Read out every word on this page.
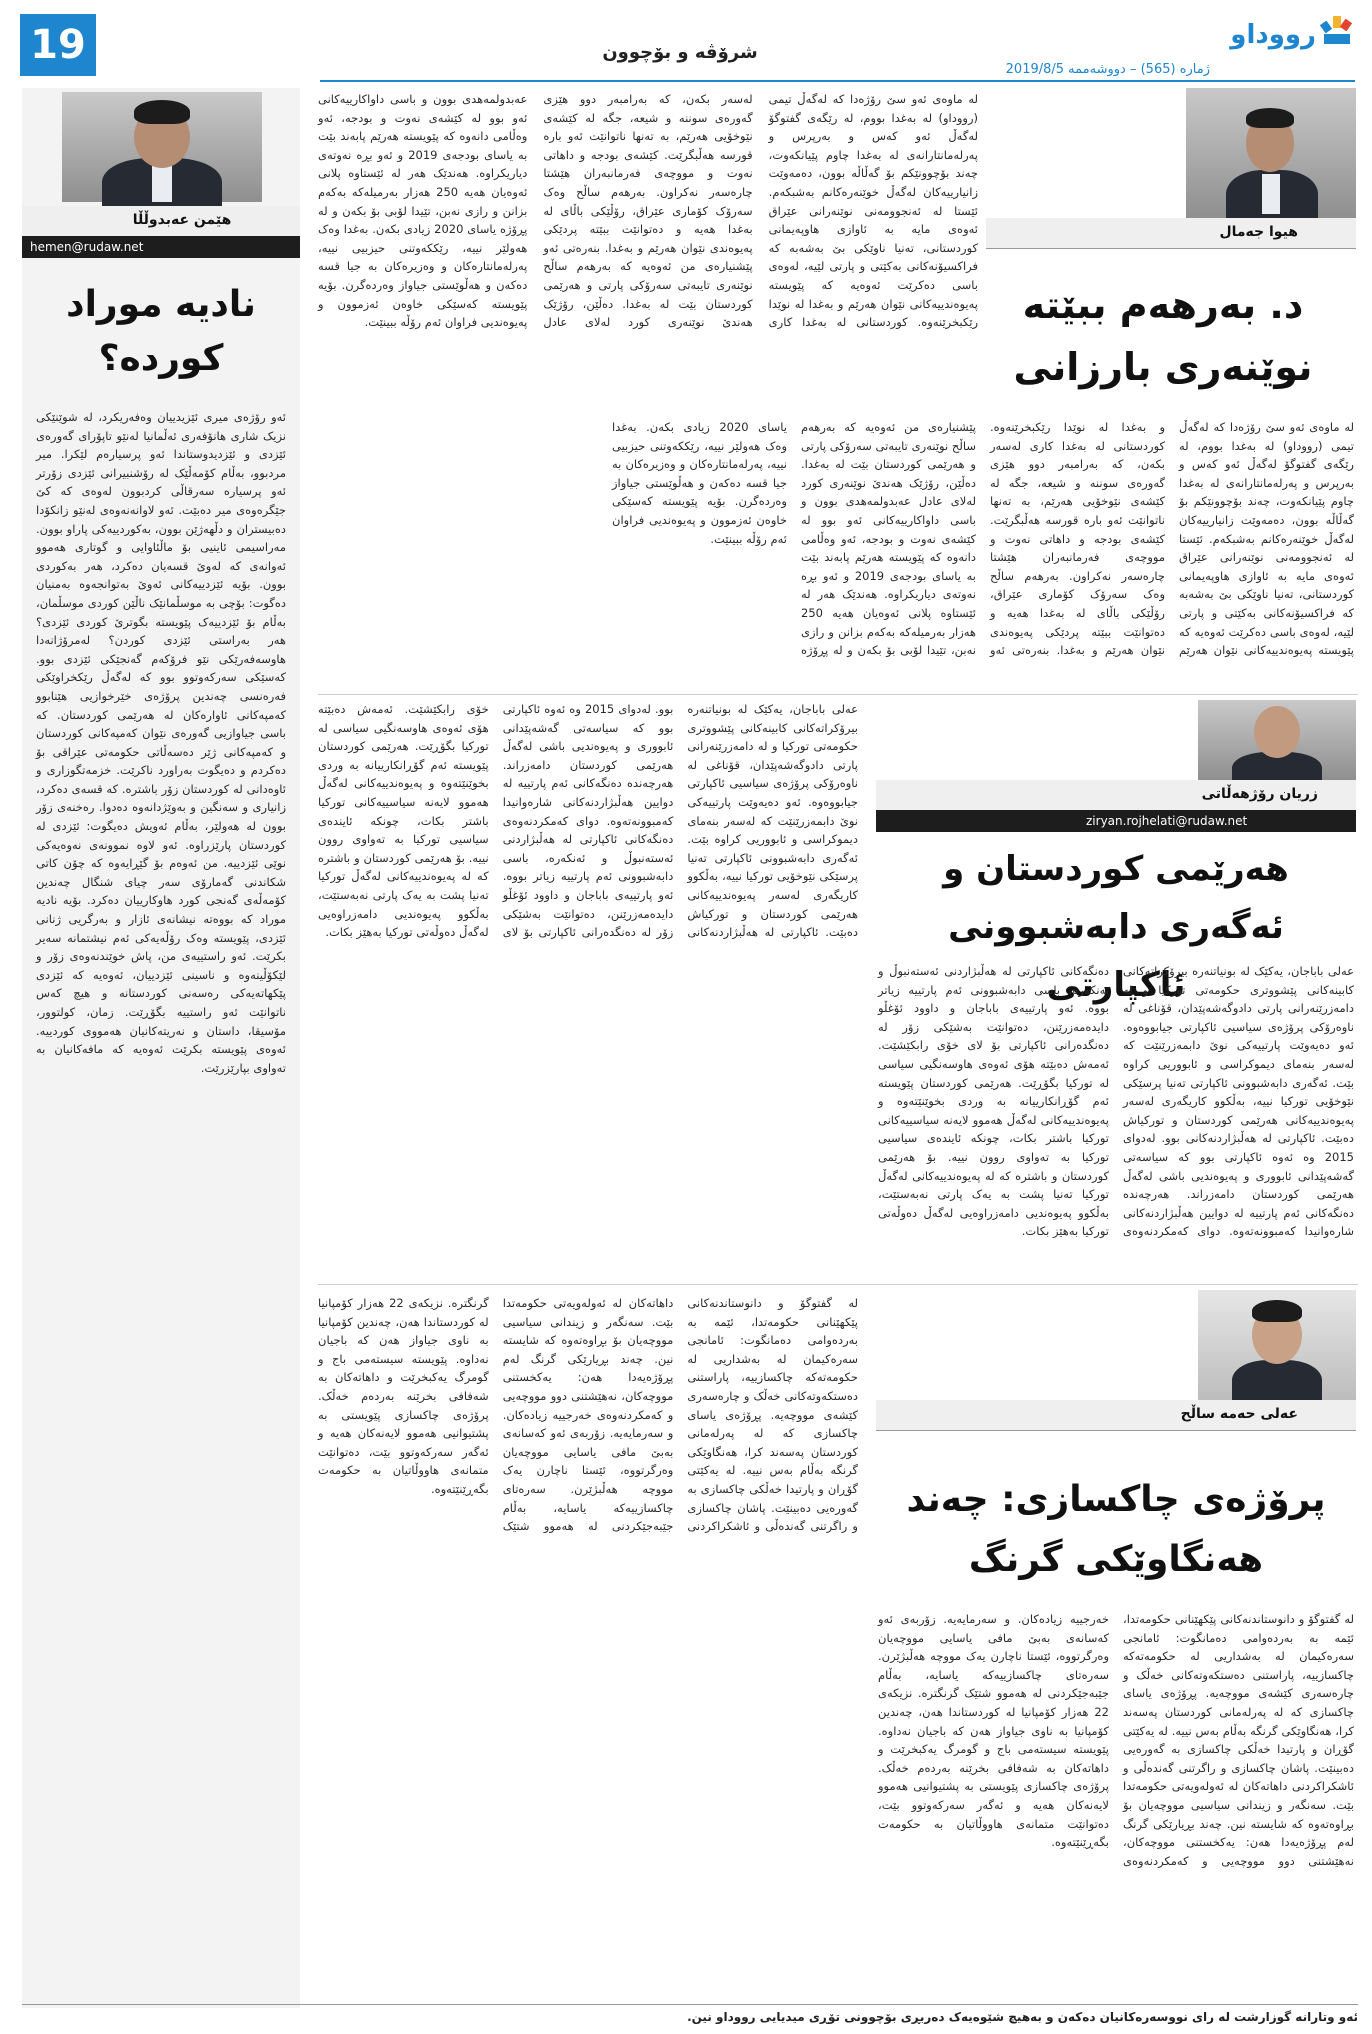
19	شرۆڤە و بۆچوون
ژمارە (565) – دووشەممە 2019/8/5
رووداو
هێمن عەبدوڵڵا
hemen@rudaw.net
نادیە موراد کوردە؟
ئەو رۆژەی میری ئێزیدییان وەفەریکرد، لە شوێنێکی نزیک شاری هانۆفەری ئەڵمانیا لەنێو تاپۆرای گەورەی ئێزدی و ئێزدیدوستاندا ئەو پرسیارەم لێکرا. میر مردبوو، بەڵام کۆمەڵێک لە رۆشنبیرانی ئێزدی زۆرتر ئەو پرسیارە سەرقاڵی کردبوون لەوەی کە کێ جێگرەوەی میر دەبێت. ئەو لاوانەنەوەی لەنێو زانکۆدا دەبیستران و دڵهەژێن بوون، بەکوردییەکی پاراو بوون. مەراسیمی ئاینیی بۆ ماڵئاوایی و گوتاری هەموو ئەوانەی کە لەوێ قسەیان دەکرد، هەر بەکوردی بوون. بۆیە ئێزدییەکانی ئەوێ بەتوانجەوە بەمنیان دەگوت: بۆچی بە موسڵمانێک ناڵێن کوردی موسڵمان، بەڵام بۆ ئێزدییەک پێویستە بگوترێ کوردی ئێزدی؟ هەر بەراستی ئێزدی کوردن؟ لەمرۆژانەدا هاوسەفەرێکی نێو فرۆکەم گەنجێکی ئێزدی بوو. کەسێکی سەرکەوتوو بوو کە لەگەڵ رێکخراوێکی فەرەنسی چەندین پرۆژەی خێرخوازیی هێنابوو کەمپەکانی ئاوارەکان لە هەرێمی کوردستان. کە باسی جیاوازیی گەورەی نێوان کەمپەکانی کوردستان و کەمپەکانی ژێر دەسەڵاتی حکومەتی عێراقی بۆ دەکردم و دەیگوت بەراورد ناکرێت. خزمەتگوزاری و ئاوەدانی لە کوردستان زۆر باشترە. کە قسەی دەکرد، زانیاری و سەنگین و بەوێژدانەوە دەدوا. رەخنەی زۆر بوون لە هەولێر، بەڵام ئەویش دەیگوت: ئێزدی لە کوردستان پارێزراوە. ئەو لاوە نموونەی نەوەیەکی نوێی ئێزدییە. من ئەوەم بۆ گێڕایەوە کە چۆن کاتی شکاندنی گەمارۆی سەر چیای شنگال چەندین کۆمەڵەی گەنجی کورد هاوکارییان دەکرد. بۆیە نادیە موراد کە بووەتە نیشانەی ئازار و بەرگریی ژنانی ئێزدی، پێویستە وەک رۆڵەیەکی ئەم نیشتمانە سەیر بکرێت. ئەو راستییەی من، پاش خوێندنەوەی زۆر و لێکۆڵینەوە و ناسینی ئێزدییان، ئەوەیە کە ئێزدی پێکهاتەیەکی رەسەنی کوردستانە و هیچ کەس ناتوانێت ئەو راستییە بگۆڕێت. زمان، کولتوور، مۆسیقا، داستان و نەریتەکانیان هەمووی کوردییە. ئەوەی پێویستە بکرێت ئەوەیە کە مافەکانیان بە تەواوی بپارێزرێت.
هیوا جەمال
د. بەرهەم ببێتە نوێنەری بارزانی
لە ماوەی ئەو سێ رۆژەدا کە لەگەڵ تیمی (رووداو) لە بەغدا بووم، لە رێگەی گفتوگۆ لەگەڵ ئەو کەس و بەرپرس و پەرلەمانتارانەی لە بەغدا چاوم پێیانکەوت، چەند بۆچوونێکم بۆ گەڵاڵە بوون، دەمەوێت زانیارییەکان لەگەڵ خوێنەرەکانم بەشبکەم. ئێستا لە ئەنجوومەنی نوێنەرانی عێراق ئەوەی مایە بە ئاوازی هاوپەیمانی کوردستانی، تەنیا ناوێکی بێ بەشەبە کە فراکسیۆنەکانی بەکێتی و پارتی لێیە، لەوەی باسی دەکرێت ئەوەیە کە پێویستە پەیوەندییەکانی نێوان هەرێم و بەغدا لە نوێدا رێکبخرێنەوە. کوردستانی لە بەغدا کاری لەسەر بکەن، کە بەرامبەر دوو هێزی گەورەی سوننە و شیعە، جگە لە کێشەی نێوخۆیی هەرێم، بە تەنها ناتوانێت ئەو بارە قورسە هەڵبگرێت. کێشەی بودجە و داهاتی نەوت و مووچەی فەرمانبەران هێشتا چارەسەر نەکراون. بەرهەم ساڵح وەک سەرۆک کۆماری عێراق، رۆڵێکی باڵای لە بەغدا هەیە و دەتوانێت ببێتە پردێکی پەیوەندی نێوان هەرێم و بەغدا. بنەرەتی ئەو پێشنیارەی من ئەوەیە کە بەرهەم ساڵح نوێنەری تایبەتی سەرۆکی پارتی و هەرێمی کوردستان بێت لە بەغدا. دەڵێن، رۆژێک هەندێ نوێنەری کورد لەلای عادل عەبدولمەهدی بوون و باسی داواکارییەکانی ئەو بوو لە کێشەی نەوت و بودجە، ئەو وەڵامی دانەوە کە پێویستە هەرێم پابەند بێت بە یاسای بودجەی 2019 و ئەو بڕە نەوتەی دیاریکراوە. هەندێک هەر لە ئێستاوە پلانی ئەوەیان هەیە 250 هەزار بەرمیلەکە بەکەم بزانن و رازی نەبن، تێیدا لۆبی بۆ بکەن و لە پڕۆژە یاسای 2020 زیادی بکەن. بەغدا وەک هەولێر نییە، رێککەوتنی حیزبیی نییە، پەرلەمانتارەکان و وەزیرەکان بە جیا قسە دەکەن و هەڵوێستی جیاواز وەردەگرن. بۆیە پێویستە کەسێکی خاوەن ئەزموون و پەیوەندیی فراوان ئەم رۆڵە ببینێت.
لە ماوەی ئەو سێ رۆژەدا کە لەگەڵ تیمی (رووداو) لە بەغدا بووم، لە رێگەی گفتوگۆ لەگەڵ ئەو کەس و بەرپرس و پەرلەمانتارانەی لە بەغدا چاوم پێیانکەوت، چەند بۆچوونێکم بۆ گەڵاڵە بوون، دەمەوێت زانیارییەکان لەگەڵ خوێنەرەکانم بەشبکەم. ئێستا لە ئەنجوومەنی نوێنەرانی عێراق ئەوەی مایە بە ئاوازی هاوپەیمانی کوردستانی، تەنیا ناوێکی بێ بەشەبە کە فراکسیۆنەکانی بەکێتی و پارتی لێیە، لەوەی باسی دەکرێت ئەوەیە کە پێویستە پەیوەندییەکانی نێوان هەرێم و بەغدا لە نوێدا رێکبخرێنەوە. کوردستانی لە بەغدا کاری لەسەر بکەن، کە بەرامبەر دوو هێزی گەورەی سوننە و شیعە، جگە لە کێشەی نێوخۆیی هەرێم، بە تەنها ناتوانێت ئەو بارە قورسە هەڵبگرێت. کێشەی بودجە و داهاتی نەوت و مووچەی فەرمانبەران هێشتا چارەسەر نەکراون. بەرهەم ساڵح وەک سەرۆک کۆماری عێراق، رۆڵێکی باڵای لە بەغدا هەیە و دەتوانێت ببێتە پردێکی پەیوەندی نێوان هەرێم و بەغدا. بنەرەتی ئەو پێشنیارەی من ئەوەیە کە بەرهەم ساڵح نوێنەری تایبەتی سەرۆکی پارتی و هەرێمی کوردستان بێت لە بەغدا. دەڵێن، رۆژێک هەندێ نوێنەری کورد لەلای عادل عەبدولمەهدی بوون و باسی داواکارییەکانی ئەو بوو لە کێشەی نەوت و بودجە، ئەو وەڵامی دانەوە کە پێویستە هەرێم پابەند بێت بە یاسای بودجەی 2019 و ئەو بڕە نەوتەی دیاریکراوە. هەندێک هەر لە ئێستاوە پلانی ئەوەیان هەیە 250 هەزار بەرمیلەکە بەکەم بزانن و رازی نەبن، تێیدا لۆبی بۆ بکەن و لە پڕۆژە یاسای 2020 زیادی بکەن. بەغدا وەک هەولێر نییە، رێککەوتنی حیزبیی نییە، پەرلەمانتارەکان و وەزیرەکان بە جیا قسە دەکەن و هەڵوێستی جیاواز وەردەگرن. بۆیە پێویستە کەسێکی خاوەن ئەزموون و پەیوەندیی فراوان ئەم رۆڵە ببینێت.
زریان رۆژهەڵاتی
ziryan.rojhelati@rudaw.net
هەرێمی کوردستان و ئەگەری دابەشبوونی ئاکپارتی
عەلی باباجان، یەکێک لە بونیاتنەرە بیرۆکراتەکانی کابینەکانی پێشووتری حکومەتی تورکیا و لە دامەزرێنەرانی پارتی دادوگەشەپێدان، قۆناغی لە ناوەرۆکی پرۆژەی سیاسیی ئاکپارتی جیابووەوە. ئەو دەیەوێت پارتییەکی نوێ دابمەزرێنێت کە لەسەر بنەمای دیموکراسی و ئابووریی کراوە بێت. ئەگەری دابەشبوونی ئاکپارتی تەنیا پرسێکی نێوخۆیی تورکیا نییە، بەڵکوو کاریگەری لەسەر پەیوەندییەکانی هەرێمی کوردستان و تورکیاش دەبێت. ئاکپارتی لە هەڵبژاردنەکانی بوو. لەدوای 2015 وە ئەوە ئاکپارتی بوو کە سیاسەتی گەشەپێدانی ئابووری و پەیوەندیی باشی لەگەڵ هەرێمی کوردستان دامەزراند. هەرچەندە دەنگەکانی ئەم پارتییە لە دوایین هەڵبژاردنەکانی شارەوانیدا کەمبوونەتەوە. دوای کەمکردنەوەی دەنگەکانی ئاکپارتی لە هەڵبژاردنی ئەستەنبوڵ و ئەنکەرە، باسی دابەشبوونی ئەم پارتییە زیاتر بووە. ئەو پارتییەی باباجان و داوود ئۆغڵو دایدەمەزرێنن، دەتوانێت بەشێکی زۆر لە دەنگدەرانی ئاکپارتی بۆ لای خۆی رابکێشێت. ئەمەش دەبێتە هۆی ئەوەی هاوسەنگیی سیاسی لە تورکیا بگۆڕێت. هەرێمی کوردستان پێویستە ئەم گۆڕانکارییانە بە وردی بخوێنێتەوە و پەیوەندییەکانی لەگەڵ هەموو لایەنە سیاسییەکانی تورکیا باشتر بکات، چونکە ئایندەی سیاسیی تورکیا بە تەواوی روون نییە. بۆ هەرێمی کوردستان و باشترە کە لە پەیوەندییەکانی لەگەڵ تورکیا تەنیا پشت بە یەک پارتی نەبەستێت، بەڵکوو پەیوەندیی دامەزراوەیی لەگەڵ دەوڵەتی تورکیا بەهێز بکات.
عەلی باباجان، یەکێک لە بونیاتنەرە بیرۆکراتەکانی کابینەکانی پێشووتری حکومەتی تورکیا و لە دامەزرێنەرانی پارتی دادوگەشەپێدان، قۆناغی لە ناوەرۆکی پرۆژەی سیاسیی ئاکپارتی جیابووەوە. ئەو دەیەوێت پارتییەکی نوێ دابمەزرێنێت کە لەسەر بنەمای دیموکراسی و ئابووریی کراوە بێت. ئەگەری دابەشبوونی ئاکپارتی تەنیا پرسێکی نێوخۆیی تورکیا نییە، بەڵکوو کاریگەری لەسەر پەیوەندییەکانی هەرێمی کوردستان و تورکیاش دەبێت. ئاکپارتی لە هەڵبژاردنەکانی بوو. لەدوای 2015 وە ئەوە ئاکپارتی بوو کە سیاسەتی گەشەپێدانی ئابووری و پەیوەندیی باشی لەگەڵ هەرێمی کوردستان دامەزراند. هەرچەندە دەنگەکانی ئەم پارتییە لە دوایین هەڵبژاردنەکانی شارەوانیدا کەمبوونەتەوە. دوای کەمکردنەوەی دەنگەکانی ئاکپارتی لە هەڵبژاردنی ئەستەنبوڵ و ئەنکەرە، باسی دابەشبوونی ئەم پارتییە زیاتر بووە. ئەو پارتییەی باباجان و داوود ئۆغڵو دایدەمەزرێنن، دەتوانێت بەشێکی زۆر لە دەنگدەرانی ئاکپارتی بۆ لای خۆی رابکێشێت. ئەمەش دەبێتە هۆی ئەوەی هاوسەنگیی سیاسی لە تورکیا بگۆڕێت. هەرێمی کوردستان پێویستە ئەم گۆڕانکارییانە بە وردی بخوێنێتەوە و پەیوەندییەکانی لەگەڵ هەموو لایەنە سیاسییەکانی تورکیا باشتر بکات، چونکە ئایندەی سیاسیی تورکیا بە تەواوی روون نییە. بۆ هەرێمی کوردستان و باشترە کە لە پەیوەندییەکانی لەگەڵ تورکیا تەنیا پشت بە یەک پارتی نەبەستێت، بەڵکوو پەیوەندیی دامەزراوەیی لەگەڵ دەوڵەتی تورکیا بەهێز بکات.
عەلی حەمە ساڵح
پرۆژەی چاکسازی: چەند هەنگاوێکی گرنگ
لە گفتوگۆ و دانوستاندنەکانی پێکهێنانی حکومەتدا، ئێمە بە بەردەوامی دەمانگوت: ئامانجی سەرەکیمان لە بەشداریی لە حکومەتەکە چاکسازییە، پاراستنی دەستکەوتەکانی خەڵک و چارەسەری کێشەی مووچەیە. پڕۆژەی یاسای چاکسازی کە لە پەرلەمانی کوردستان پەسەند کرا، هەنگاوێکی گرنگە بەڵام بەس نییە. لە یەکێتی گۆڕان و پارتیدا خەڵکی چاکسازی بە گەورەیی دەبینێت. پاشان چاکسازی و راگرتنی گەندەڵی و ئاشکراکردنی داهاتەکان لە ئەولەویەتی حکومەتدا بێت. سەنگەر و زیندانی سیاسیی مووچەیان بۆ بڕاوەتەوە کە شایستە نین. چەند بڕیارێکی گرنگ لەم پڕۆژەیەدا هەن: یەکخستنی مووچەکان، نەهێشتنی دوو مووچەیی و کەمکردنەوەی خەرجییە زیادەکان. و سەرمایەیە. زۆربەی ئەو کەسانەی بەبێ مافی یاسایی مووچەیان وەرگرتووە، ئێستا ناچارن یەک مووچە هەڵبژێرن. سەرەتای چاکسازییەکە یاسایە، بەڵام جێبەجێکردنی لە هەموو شتێک گرنگترە. نزیکەی 22 هەزار کۆمپانیا لە کوردستاندا هەن، چەندین کۆمپانیا بە ناوی جیاواز هەن کە باجیان نەداوە. پێویستە سیستەمی باج و گومرگ یەکبخرێت و داهاتەکان بە شەفافی بخرێنە بەردەم خەڵک. پرۆژەی چاکسازی پێویستی بە پشتیوانیی هەموو لایەنەکان هەیە و ئەگەر سەرکەوتوو بێت، دەتوانێت متمانەی هاووڵاتیان بە حکومەت بگەڕێنێتەوە.
لە گفتوگۆ و دانوستاندنەکانی پێکهێنانی حکومەتدا، ئێمە بە بەردەوامی دەمانگوت: ئامانجی سەرەکیمان لە بەشداریی لە حکومەتەکە چاکسازییە، پاراستنی دەستکەوتەکانی خەڵک و چارەسەری کێشەی مووچەیە. پڕۆژەی یاسای چاکسازی کە لە پەرلەمانی کوردستان پەسەند کرا، هەنگاوێکی گرنگە بەڵام بەس نییە. لە یەکێتی گۆڕان و پارتیدا خەڵکی چاکسازی بە گەورەیی دەبینێت. پاشان چاکسازی و راگرتنی گەندەڵی و ئاشکراکردنی داهاتەکان لە ئەولەویەتی حکومەتدا بێت. سەنگەر و زیندانی سیاسیی مووچەیان بۆ بڕاوەتەوە کە شایستە نین. چەند بڕیارێکی گرنگ لەم پڕۆژەیەدا هەن: یەکخستنی مووچەکان، نەهێشتنی دوو مووچەیی و کەمکردنەوەی خەرجییە زیادەکان. و سەرمایەیە. زۆربەی ئەو کەسانەی بەبێ مافی یاسایی مووچەیان وەرگرتووە، ئێستا ناچارن یەک مووچە هەڵبژێرن. سەرەتای چاکسازییەکە یاسایە، بەڵام جێبەجێکردنی لە هەموو شتێک گرنگترە. نزیکەی 22 هەزار کۆمپانیا لە کوردستاندا هەن، چەندین کۆمپانیا بە ناوی جیاواز هەن کە باجیان نەداوە. پێویستە سیستەمی باج و گومرگ یەکبخرێت و داهاتەکان بە شەفافی بخرێنە بەردەم خەڵک. پرۆژەی چاکسازی پێویستی بە پشتیوانیی هەموو لایەنەکان هەیە و ئەگەر سەرکەوتوو بێت، دەتوانێت متمانەی هاووڵاتیان بە حکومەت بگەڕێنێتەوە.
ئەو وتارانە گوزارشت لە رای نووسەرەکانیان دەکەن و بەهیچ شێوەیەک دەربڕی بۆچوونی تۆڕی میدیایی رووداو نین.
